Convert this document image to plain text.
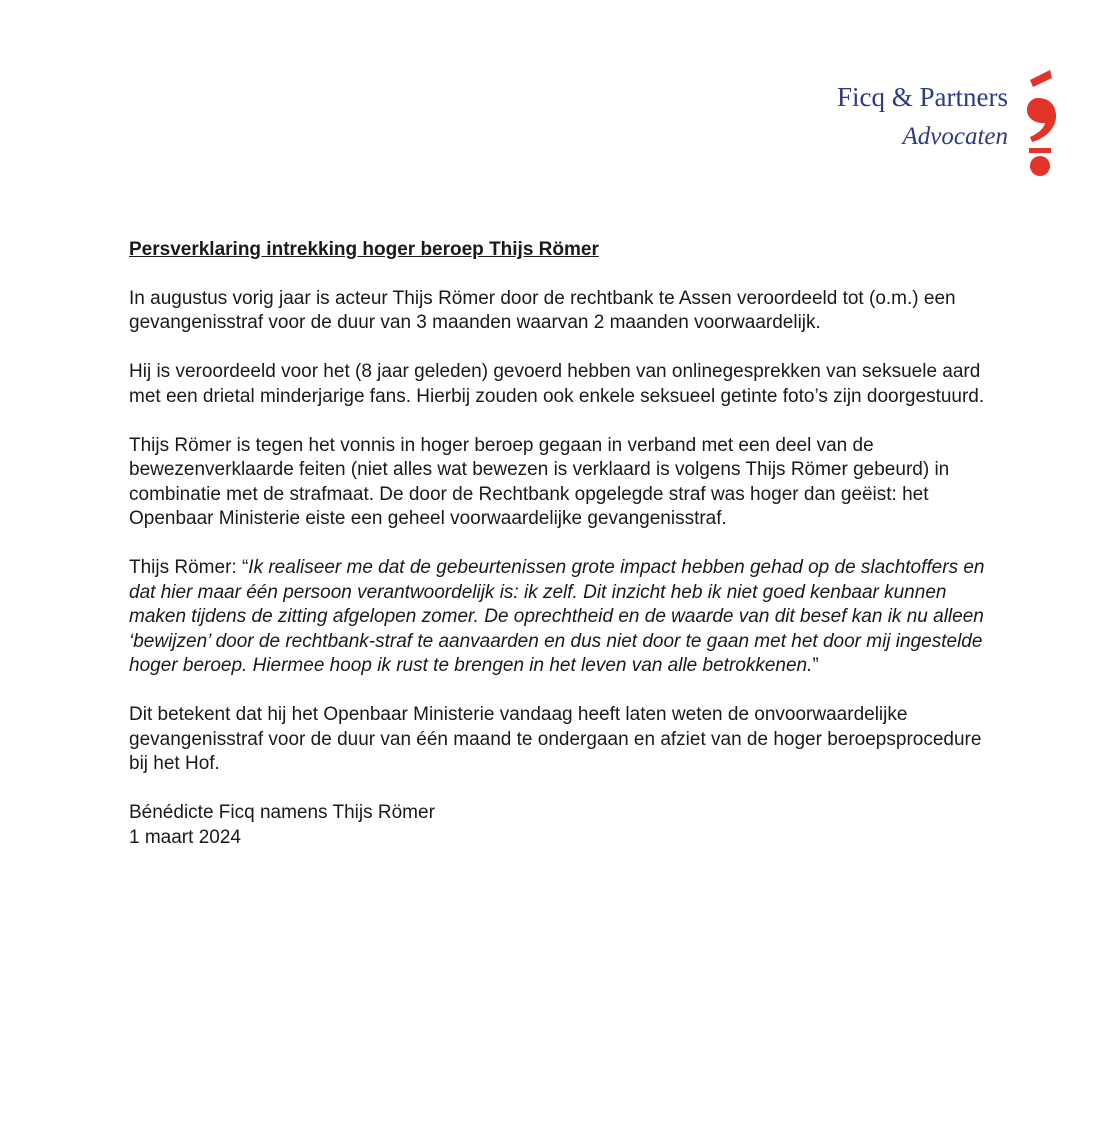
Ficq & Partners
Advocaten

Persverklaring intrekking hoger beroep Thijs Römer

In augustus vorig jaar is acteur Thijs Römer door de rechtbank te Assen veroordeeld tot (o.m.) een gevangenisstraf voor de duur van 3 maanden waarvan 2 maanden voorwaardelijk.

Hij is veroordeeld voor het (8 jaar geleden) gevoerd hebben van onlinegesprekken van seksuele aard met een drietal minderjarige fans. Hierbij zouden ook enkele seksueel getinte foto’s zijn doorgestuurd.

Thijs Römer is tegen het vonnis in hoger beroep gegaan in verband met een deel van de bewezenverklaarde feiten (niet alles wat bewezen is verklaard is volgens Thijs Römer gebeurd) in combinatie met de strafmaat. De door de Rechtbank opgelegde straf was hoger dan geëist: het Openbaar Ministerie eiste een geheel voorwaardelijke gevangenisstraf.

Thijs Römer: “Ik realiseer me dat de gebeurtenissen grote impact hebben gehad op de slachtoffers en dat hier maar één persoon verantwoordelijk is: ik zelf. Dit inzicht heb ik niet goed kenbaar kunnen maken tijdens de zitting afgelopen zomer. De oprechtheid en de waarde van dit besef kan ik nu alleen ‘bewijzen’ door de rechtbank-straf te aanvaarden en dus niet door te gaan met het door mij ingestelde hoger beroep. Hiermee hoop ik rust te brengen in het leven van alle betrokkenen.”

Dit betekent dat hij het Openbaar Ministerie vandaag heeft laten weten de onvoorwaardelijke gevangenisstraf voor de duur van één maand te ondergaan en afziet van de hoger beroepsprocedure bij het Hof.

Bénédicte Ficq namens Thijs Römer

1 maart 2024
